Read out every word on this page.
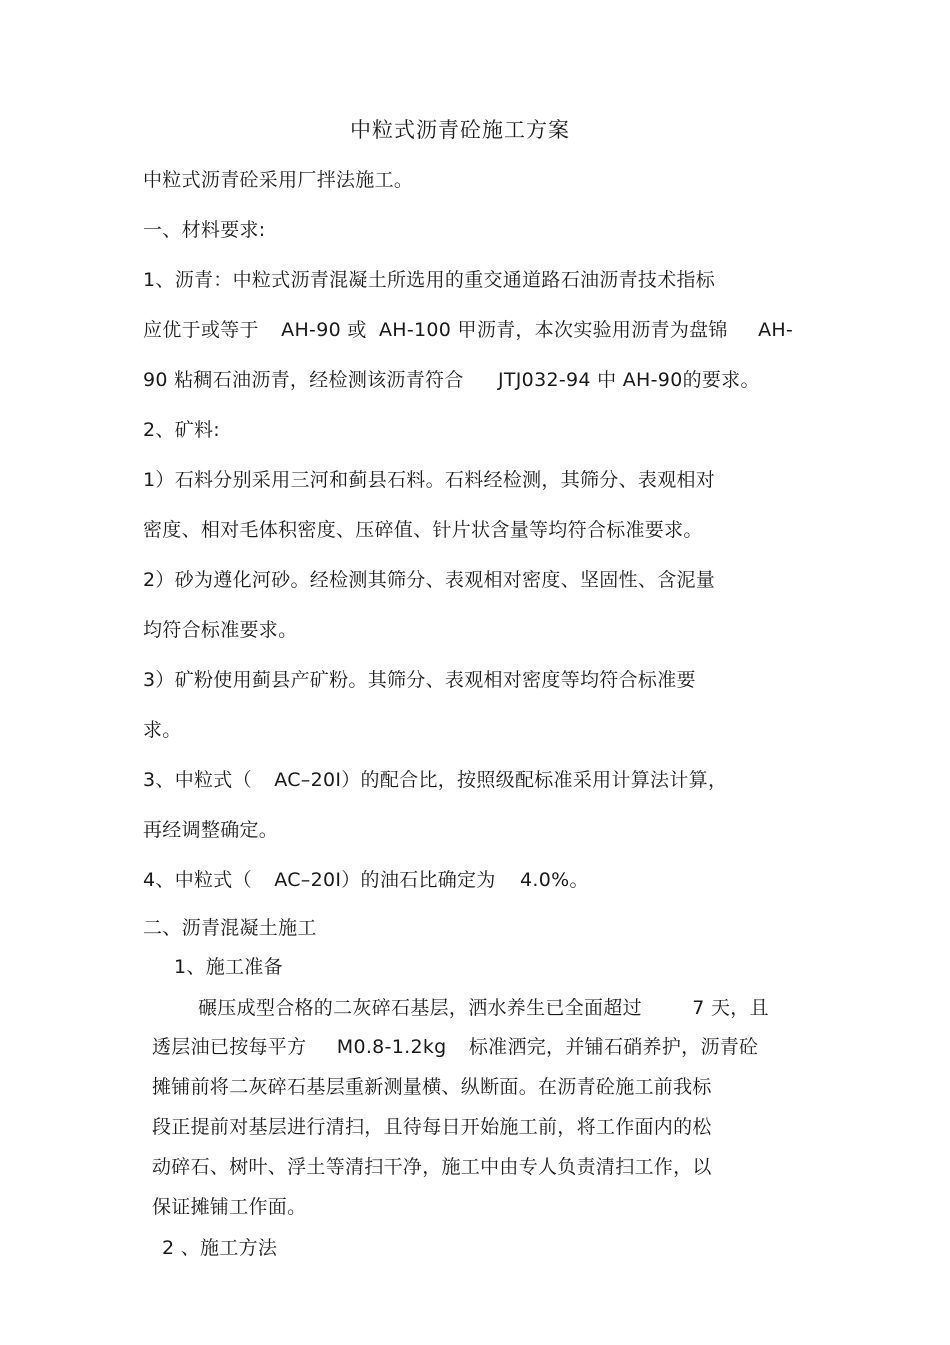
中粒式沥青砼施工方案
中粒式沥青砼采用厂拌法施工。
一、材料要求:
1、沥青：中粒式沥青混凝土所选用的重交通道路石油沥青技术指标
应优于或等于 AH-90 或 AH-100 甲沥青，本次实验用沥青为盘锦 AH-
90 粘稠石油沥青，经检测该沥青符合 JTJ032-94 中 AH-90的要求。
2、矿料:
1）石料分别采用三河和蓟县石料。石料经检测，其筛分、表观相对
密度、相对毛体积密度、压碎值、针片状含量等均符合标准要求。
2）砂为遵化河砂。经检测其筛分、表观相对密度、坚固性、含泥量
均符合标准要求。
3）矿粉使用蓟县产矿粉。其筛分、表观相对密度等均符合标准要
求。
3、中粒式（ AC–20I）的配合比，按照级配标准采用计算法计算，
再经调整确定。
4、中粒式（ AC–20I）的油石比确定为 4.0%。
二、沥青混凝土施工
1、施工准备
碾压成型合格的二灰碎石基层，洒水养生已全面超过	7 天，且
透层油已按每平方 M0.8-1.2kg 标准洒完，并铺石硝养护，沥青砼
摊铺前将二灰碎石基层重新测量横、纵断面。在沥青砼施工前我标
段正提前对基层进行清扫，且待每日开始施工前，将工作面内的松
动碎石、树叶、浮土等清扫干净，施工中由专人负责清扫工作，以
保证摊铺工作面。
2 、施工方法
